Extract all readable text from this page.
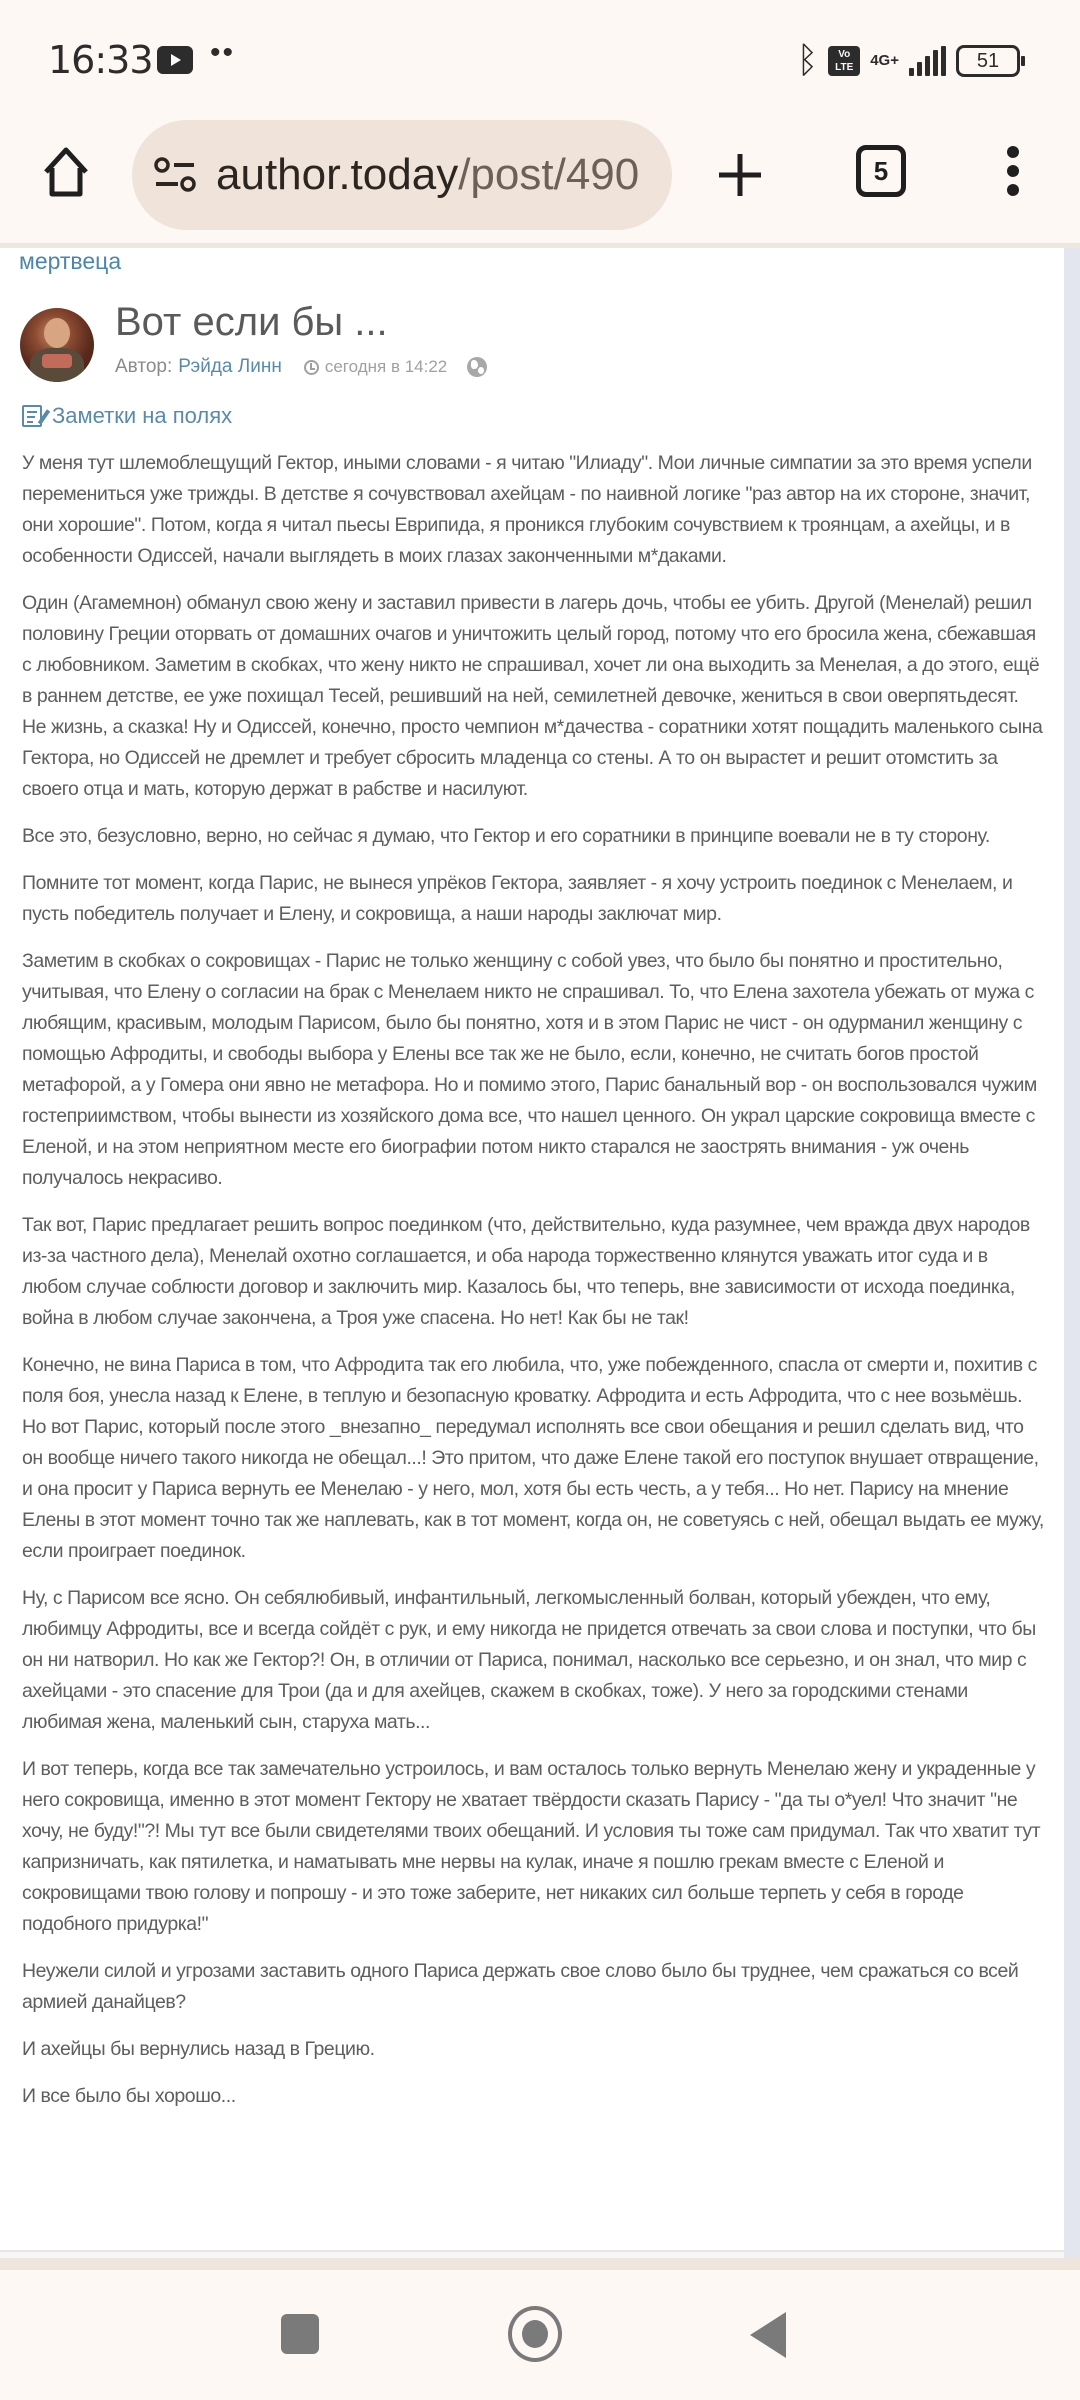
16:33 ••	ᛒ	Vo LTE	4G+	51
author.today/post/490	5
мертвеца
Вот если бы ...
Автор: Рэйда Линн	сегодня в 14:22
Заметки на полях

У меня тут шлемоблещущий Гектор, иными словами - я читаю "Илиаду". Мои личные симпатии за это время успели перемениться уже трижды. В детстве я сочувствовал ахейцам - по наивной логике "раз автор на их стороне, значит, они хорошие". Потом, когда я читал пьесы Еврипида, я проникся глубоким сочувствием к троянцам, а ахейцы, и в особенности Одиссей, начали выглядеть в моих глазах законченными м*даками.

Один (Агамемнон) обманул свою жену и заставил привести в лагерь дочь, чтобы ее убить. Другой (Менелай) решил половину Греции оторвать от домашних очагов и уничтожить целый город, потому что его бросила жена, сбежавшая с любовником. Заметим в скобках, что жену никто не спрашивал, хочет ли она выходить за Менелая, а до этого, ещё в раннем детстве, ее уже похищал Тесей, решивший на ней, семилетней девочке, жениться в свои оверпятьдесят. Не жизнь, а сказка! Ну и Одиссей, конечно, просто чемпион м*дачества - соратники хотят пощадить маленького сына Гектора, но Одиссей не дремлет и требует сбросить младенца со стены. А то он вырастет и решит отомстить за своего отца и мать, которую держат в рабстве и насилуют.

Все это, безусловно, верно, но сейчас я думаю, что Гектор и его соратники в принципе воевали не в ту сторону.

Помните тот момент, когда Парис, не вынеся упрёков Гектора, заявляет - я хочу устроить поединок с Менелаем, и пусть победитель получает и Елену, и сокровища, а наши народы заключат мир.

Заметим в скобках о сокровищах - Парис не только женщину с собой увез, что было бы понятно и простительно, учитывая, что Елену о согласии на брак с Менелаем никто не спрашивал. То, что Елена захотела убежать от мужа с любящим, красивым, молодым Парисом, было бы понятно, хотя и в этом Парис не чист - он одурманил женщину с помощью Афродиты, и свободы выбора у Елены все так же не было, если, конечно, не считать богов простой метафорой, а у Гомера они явно не метафора. Но и помимо этого, Парис банальный вор - он воспользовался чужим гостеприимством, чтобы вынести из хозяйского дома все, что нашел ценного. Он украл царские сокровища вместе с Еленой, и на этом неприятном месте его биографии потом никто старался не заострять внимания - уж очень получалось некрасиво.

Так вот, Парис предлагает решить вопрос поединком (что, действительно, куда разумнее, чем вражда двух народов из-за частного дела), Менелай охотно соглашается, и оба народа торжественно клянутся уважать итог суда и в любом случае соблюсти договор и заключить мир. Казалось бы, что теперь, вне зависимости от исхода поединка, война в любом случае закончена, а Троя уже спасена. Но нет! Как бы не так!

Конечно, не вина Париса в том, что Афродита так его любила, что, уже побежденного, спасла от смерти и, похитив с поля боя, унесла назад к Елене, в теплую и безопасную кроватку. Афродита и есть Афродита, что с нее возьмёшь. Но вот Парис, который после этого _внезапно_ передумал исполнять все свои обещания и решил сделать вид, что он вообще ничего такого никогда не обещал...! Это притом, что даже Елене такой его поступок внушает отвращение, и она просит у Париса вернуть ее Менелаю - у него, мол, хотя бы есть честь, а у тебя... Но нет. Парису на мнение Елены в этот момент точно так же наплевать, как в тот момент, когда он, не советуясь с ней, обещал выдать ее мужу, если проиграет поединок.

Ну, с Парисом все ясно. Он себялюбивый, инфантильный, легкомысленный болван, который убежден, что ему, любимцу Афродиты, все и всегда сойдёт с рук, и ему никогда не придется отвечать за свои слова и поступки, что бы он ни натворил. Но как же Гектор?! Он, в отличии от Париса, понимал, насколько все серьезно, и он знал, что мир с ахейцами - это спасение для Трои (да и для ахейцев, скажем в скобках, тоже). У него за городскими стенами любимая жена, маленький сын, старуха мать...

И вот теперь, когда все так замечательно устроилось, и вам осталось только вернуть Менелаю жену и украденные у него сокровища, именно в этот момент Гектору не хватает твёрдости сказать Парису - "да ты о*уел! Что значит "не хочу, не буду!"?! Мы тут все были свидетелями твоих обещаний. И условия ты тоже сам придумал. Так что хватит тут капризничать, как пятилетка, и наматывать мне нервы на кулак, иначе я пошлю грекам вместе с Еленой и сокровищами твою голову и попрошу - и это тоже заберите, нет никаких сил больше терпеть у себя в городе подобного придурка!"

Неужели силой и угрозами заставить одного Париса держать свое слово было бы труднее, чем сражаться со всей армией данайцев?

И ахейцы бы вернулись назад в Грецию.

И все было бы хорошо...
